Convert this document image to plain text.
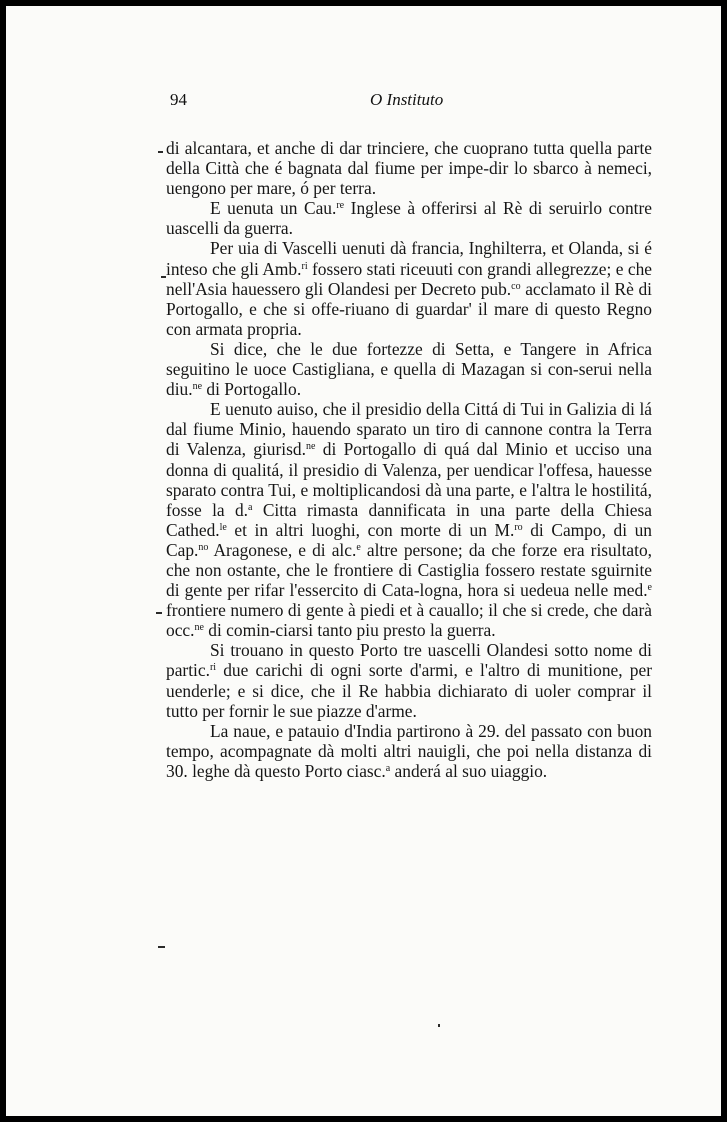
94	O Instituto

di alcantara, et anche di dar trinciere, che cuoprano tutta quella parte della Città che é bagnata dal fiume per impe-dir lo sbarco à nemeci, uengono per mare, ó per terra.

E uenuta un Cau.$^{re}$ Inglese à offerirsi al Rè di seruirlo contre uascelli da guerra.

Per uia di Vascelli uenuti dà francia, Inghilterra, et Olanda, si é inteso che gli Amb.$^{ri}$ fossero stati riceuuti con grandi allegrezze; e che nell'Asia hauessero gli Olandesi per Decreto pub.$^{co}$ acclamato il Rè di Portogallo, e che si offe-riuano di guardar' il mare di questo Regno con armata propria.

Si dice, che le due fortezze di Setta, e Tangere in Africa seguitino le uoce Castigliana, e quella di Mazagan si con-serui nella diu.$^{ne}$ di Portogallo.

E uenuto auiso, che il presidio della Cittá di Tui in Galizia di lá dal fiume Minio, hauendo sparato un tiro di cannone contra la Terra di Valenza, giurisd.$^{ne}$ di Portogallo di quá dal Minio et ucciso una donna di qualitá, il presidio di Valenza, per uendicar l'offesa, hauesse sparato contra Tui, e moltiplicandosi dà una parte, e l'altra le hostilitá, fosse la d.$^a$ Citta rimasta dannificata in una parte della Chiesa Cathed.$^{le}$ et in altri luoghi, con morte di un M.$^{ro}$ di Campo, di un Cap.$^{no}$ Aragonese, e di alc.$^e$ altre persone; da che forze era risultato, che non ostante, che le frontiere di Castiglia fossero restate sguirnite di gente per rifar l'essercito di Cata-logna, hora si uedeua nelle med.$^e$ frontiere numero di gente à piedi et à cauallo; il che si crede, che darà occ.$^{ne}$ di comin-ciarsi tanto piu presto la guerra.

Si trouano in questo Porto tre uascelli Olandesi sotto nome di partic.$^{ri}$ due carichi di ogni sorte d'armi, e l'altro di munitione, per uenderle; e si dice, che il Re habbia dichiarato di uoler comprar il tutto per fornir le sue piazze d'arme.

La naue, e patauio d'India partirono à 29. del passato con buon tempo, acompagnate dà molti altri nauigli, che poi nella distanza di 30. leghe dà questo Porto ciasc.$^a$ anderá al suo uiaggio.
